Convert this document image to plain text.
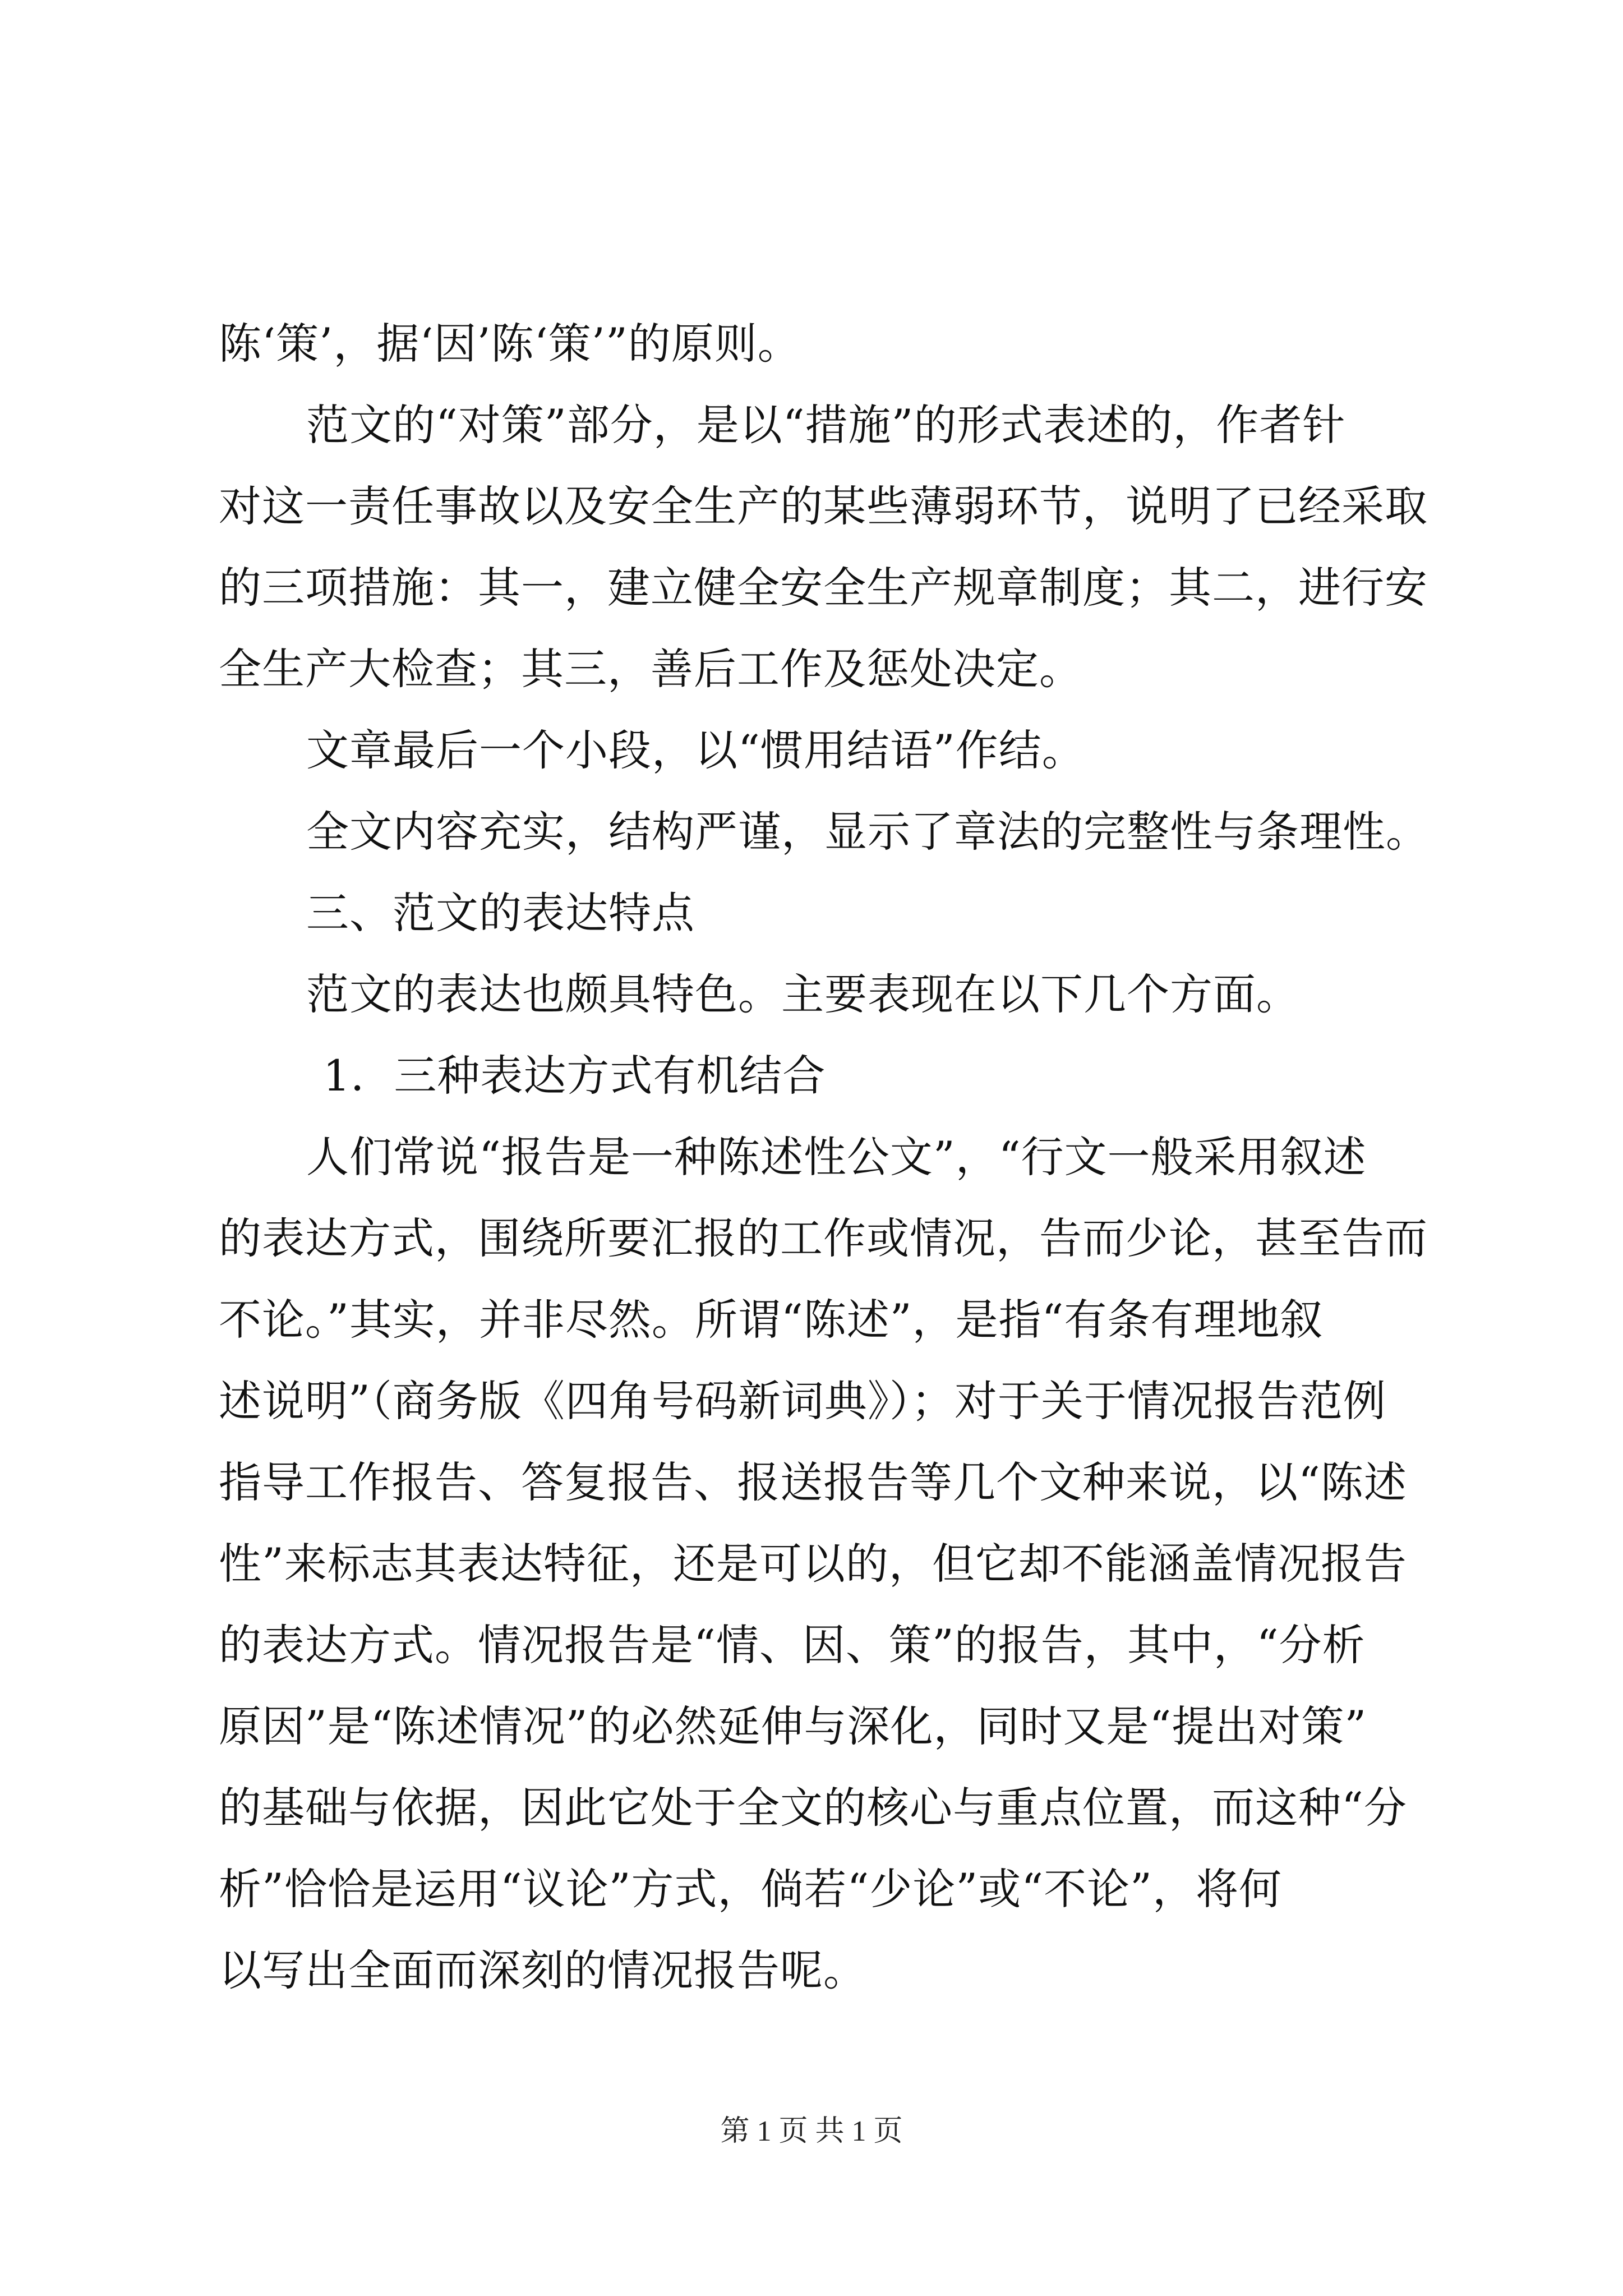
陈‘策’，据‘因’陈‘策’”的原则。
范文的“对策”部分，是以“措施”的形式表述的，作者针
对这一责任事故以及安全生产的某些薄弱环节，说明了已经采取
的三项措施：其一，建立健全安全生产规章制度；其二，进行安
全生产大检查；其三，善后工作及惩处决定。
文章最后一个小段，以“惯用结语”作结。
全文内容充实，结构严谨，显示了章法的完整性与条理性。
三、范文的表达特点
范文的表达也颇具特色。主要表现在以下几个方面。
1．三种表达方式有机结合
人们常说“报告是一种陈述性公文”，“行文一般采用叙述
的表达方式，围绕所要汇报的工作或情况，告而少论，甚至告而
不论。”其实，并非尽然。所谓“陈述”，是指“有条有理地叙
述说明”（商务版《四角号码新词典》）；对于关于情况报告范例
指导工作报告、答复报告、报送报告等几个文种来说，以“陈述
性”来标志其表达特征，还是可以的，但它却不能涵盖情况报告
的表达方式。情况报告是“情、因、策”的报告，其中，“分析
原因”是“陈述情况”的必然延伸与深化，同时又是“提出对策”
的基础与依据，因此它处于全文的核心与重点位置，而这种“分
析”恰恰是运用“议论”方式，倘若“少论”或“不论”，将何
以写出全面而深刻的情况报告呢。
第 1 页 共 1 页
